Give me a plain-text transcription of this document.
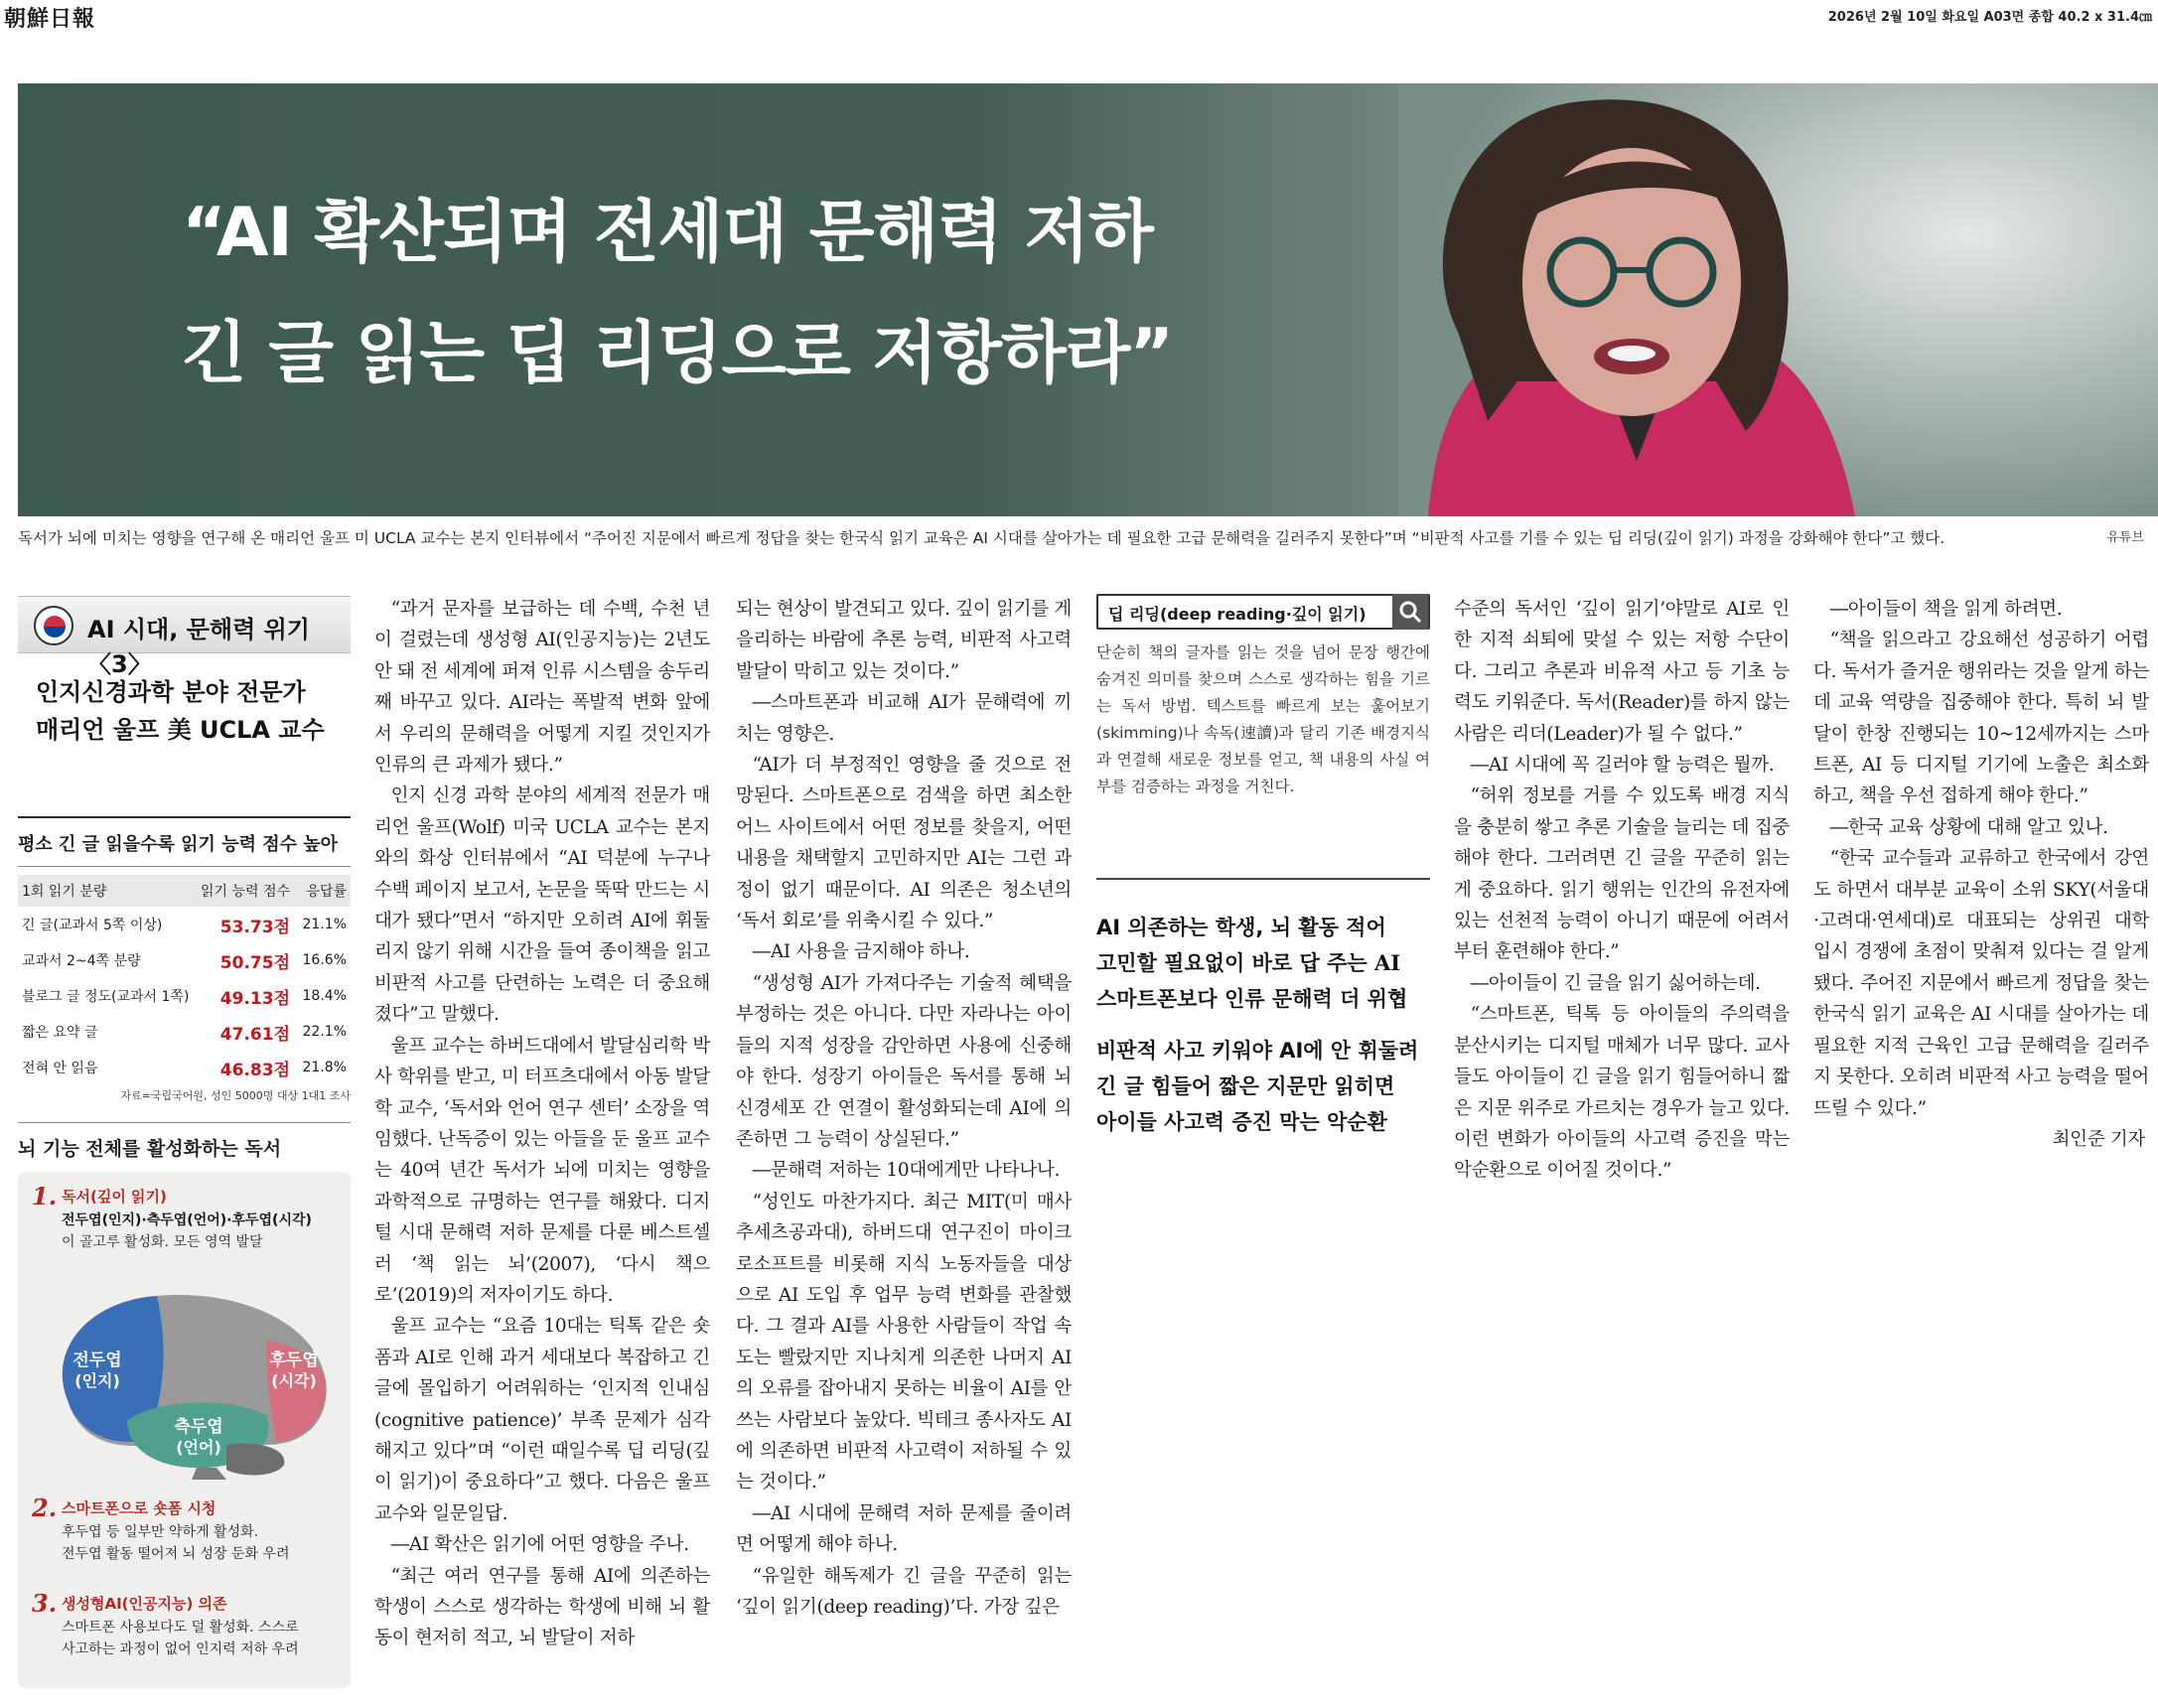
朝鮮日報	2026년 2월 10일 화요일 A03면 종합 40.2 x 31.4㎝
“AI 확산되며 전세대 문해력 저하
긴 글 읽는 딥 리딩으로 저항하라”
독서가 뇌에 미치는 영향을 연구해 온 매리언 울프 미 UCLA 교수는 본지 인터뷰에서 “주어진 지문에서 빠르게 정답을 찾는 한국식 읽기 교육은 AI 시대를 살아가는 데 필요한 고급 문해력을 길러주지 못한다”며 “비판적 사고를 기를 수 있는 딥 리딩(깊이 읽기) 과정을 강화해야 한다”고 했다.	유튜브
AI 시대, 문해력 위기〈3〉
인지신경과학 분야 전문가
매리언 울프 美 UCLA 교수
평소 긴 글 읽을수록 읽기 능력 점수 높아
1회 읽기 분량	읽기 능력 점수	응답률
긴 글(교과서 5쪽 이상)	53.73점 21.1%
교과서 2~4쪽 분량	50.75점 16.6%
블로그 글 정도(교과서 1쪽)	49.13점 18.4%
짧은 요약 글	47.61점 22.1%
전혀 안 읽음	46.83점 21.8%
자료=국립국어원, 성인 5000명 대상 1대1 조사
뇌 기능 전체를 활성화하는 독서
1. 독서(깊이 읽기)
전두엽(인지)·측두엽(언어)·후두엽(시각)
이 골고루 활성화. 모든 영역 발달
전두엽
(인지)
후두엽
(시각)
측두엽
(언어)
2. 스마트폰으로 숏폼 시청
후두엽 등 일부만 약하게 활성화.
전두엽 활동 떨어져 뇌 성장 둔화 우려
3. 생성형AI(인공지능) 의존
스마트폰 사용보다도 덜 활성화. 스스로
사고하는 과정이 없어 인지력 저하 우려

“과거 문자를 보급하는 데 수백, 수천 년이 걸렸는데 생성형 AI(인공지능)는 2년도 안 돼 전 세계에 퍼져 인류 시스템을 송두리째 바꾸고 있다. AI라는 폭발적 변화 앞에서 우리의 문해력을 어떻게 지킬 것인지가 인류의 큰 과제가 됐다.”

인지 신경 과학 분야의 세계적 전문가 매리언 울프(Wolf) 미국 UCLA 교수는 본지와의 화상 인터뷰에서 “AI 덕분에 누구나 수백 페이지 보고서, 논문을 뚝딱 만드는 시대가 됐다”면서 “하지만 오히려 AI에 휘둘리지 않기 위해 시간을 들여 종이책을 읽고 비판적 사고를 단련하는 노력은 더 중요해졌다”고 말했다.

울프 교수는 하버드대에서 발달심리학 박사 학위를 받고, 미 터프츠대에서 아동 발달학 교수, ‘독서와 언어 연구 센터’ 소장을 역임했다. 난독증이 있는 아들을 둔 울프 교수는 40여 년간 독서가 뇌에 미치는 영향을 과학적으로 규명하는 연구를 해왔다. 디지털 시대 문해력 저하 문제를 다룬 베스트셀러 ‘책 읽는 뇌’(2007), ‘다시 책으로’(2019)의 저자이기도 하다.

울프 교수는 “요즘 10대는 틱톡 같은 숏폼과 AI로 인해 과거 세대보다 복잡하고 긴 글에 몰입하기 어려워하는 ‘인지적 인내심(cognitive patience)’ 부족 문제가 심각해지고 있다”며 “이런 때일수록 딥 리딩(깊이 읽기)이 중요하다”고 했다. 다음은 울프 교수와 일문일답.

―AI 확산은 읽기에 어떤 영향을 주나.

“최근 여러 연구를 통해 AI에 의존하는 학생이 스스로 생각하는 학생에 비해 뇌 활동이 현저히 적고, 뇌 발달이 저하

되는 현상이 발견되고 있다. 깊이 읽기를 게을리하는 바람에 추론 능력, 비판적 사고력 발달이 막히고 있는 것이다.”

―스마트폰과 비교해 AI가 문해력에 끼치는 영향은.

“AI가 더 부정적인 영향을 줄 것으로 전망된다. 스마트폰으로 검색을 하면 최소한 어느 사이트에서 어떤 정보를 찾을지, 어떤 내용을 채택할지 고민하지만 AI는 그런 과정이 없기 때문이다. AI 의존은 청소년의 ‘독서 회로’를 위축시킬 수 있다.”

―AI 사용을 금지해야 하나.

“생성형 AI가 가져다주는 기술적 혜택을 부정하는 것은 아니다. 다만 자라나는 아이들의 지적 성장을 감안하면 사용에 신중해야 한다. 성장기 아이들은 독서를 통해 뇌 신경세포 간 연결이 활성화되는데 AI에 의존하면 그 능력이 상실된다.”

―문해력 저하는 10대에게만 나타나나.

“성인도 마찬가지다. 최근 MIT(미 매사추세츠공과대), 하버드대 연구진이 마이크로소프트를 비롯해 지식 노동자들을 대상으로 AI 도입 후 업무 능력 변화를 관찰했다. 그 결과 AI를 사용한 사람들이 작업 속도는 빨랐지만 지나치게 의존한 나머지 AI의 오류를 잡아내지 못하는 비율이 AI를 안 쓰는 사람보다 높았다. 빅테크 종사자도 AI에 의존하면 비판적 사고력이 저하될 수 있는 것이다.”

―AI 시대에 문해력 저하 문제를 줄이려면 어떻게 해야 하나.

“유일한 해독제가 긴 글을 꾸준히 읽는 ‘깊이 읽기(deep reading)’다. 가장 깊은

딥 리딩(deep reading·깊이 읽기)
단순히 책의 글자를 읽는 것을 넘어 문장 행간에 숨겨진 의미를 찾으며 스스로 생각하는 힘을 기르는 독서 방법. 텍스트를 빠르게 보는 훑어보기(skimming)나 속독(速讀)과 달리 기존 배경지식과 연결해 새로운 정보를 얻고, 책 내용의 사실 여부를 검증하는 과정을 거친다.
AI 의존하는 학생, 뇌 활동 적어
고민할 필요없이 바로 답 주는 AI
스마트폰보다 인류 문해력 더 위협
비판적 사고 키워야 AI에 안 휘둘려
긴 글 힘들어 짧은 지문만 읽히면
아이들 사고력 증진 막는 악순환

수준의 독서인 ‘깊이 읽기’야말로 AI로 인한 지적 쇠퇴에 맞설 수 있는 저항 수단이다. 그리고 추론과 비유적 사고 등 기초 능력도 키워준다. 독서(Reader)를 하지 않는 사람은 리더(Leader)가 될 수 없다.”

―AI 시대에 꼭 길러야 할 능력은 뭘까.

“허위 정보를 거를 수 있도록 배경 지식을 충분히 쌓고 추론 기술을 늘리는 데 집중해야 한다. 그러려면 긴 글을 꾸준히 읽는 게 중요하다. 읽기 행위는 인간의 유전자에 있는 선천적 능력이 아니기 때문에 어려서부터 훈련해야 한다.”

―아이들이 긴 글을 읽기 싫어하는데.

“스마트폰, 틱톡 등 아이들의 주의력을 분산시키는 디지털 매체가 너무 많다. 교사들도 아이들이 긴 글을 읽기 힘들어하니 짧은 지문 위주로 가르치는 경우가 늘고 있다. 이런 변화가 아이들의 사고력 증진을 막는 악순환으로 이어질 것이다.”

―아이들이 책을 읽게 하려면.

“책을 읽으라고 강요해선 성공하기 어렵다. 독서가 즐거운 행위라는 것을 알게 하는 데 교육 역량을 집중해야 한다. 특히 뇌 발달이 한창 진행되는 10~12세까지는 스마트폰, AI 등 디지털 기기에 노출은 최소화하고, 책을 우선 접하게 해야 한다.”

―한국 교육 상황에 대해 알고 있나.

“한국 교수들과 교류하고 한국에서 강연도 하면서 대부분 교육이 소위 SKY(서울대·고려대·연세대)로 대표되는 상위권 대학 입시 경쟁에 초점이 맞춰져 있다는 걸 알게 됐다. 주어진 지문에서 빠르게 정답을 찾는 한국식 읽기 교육은 AI 시대를 살아가는 데 필요한 지적 근육인 고급 문해력을 길러주지 못한다. 오히려 비판적 사고 능력을 떨어뜨릴 수 있다.”

최인준 기자
